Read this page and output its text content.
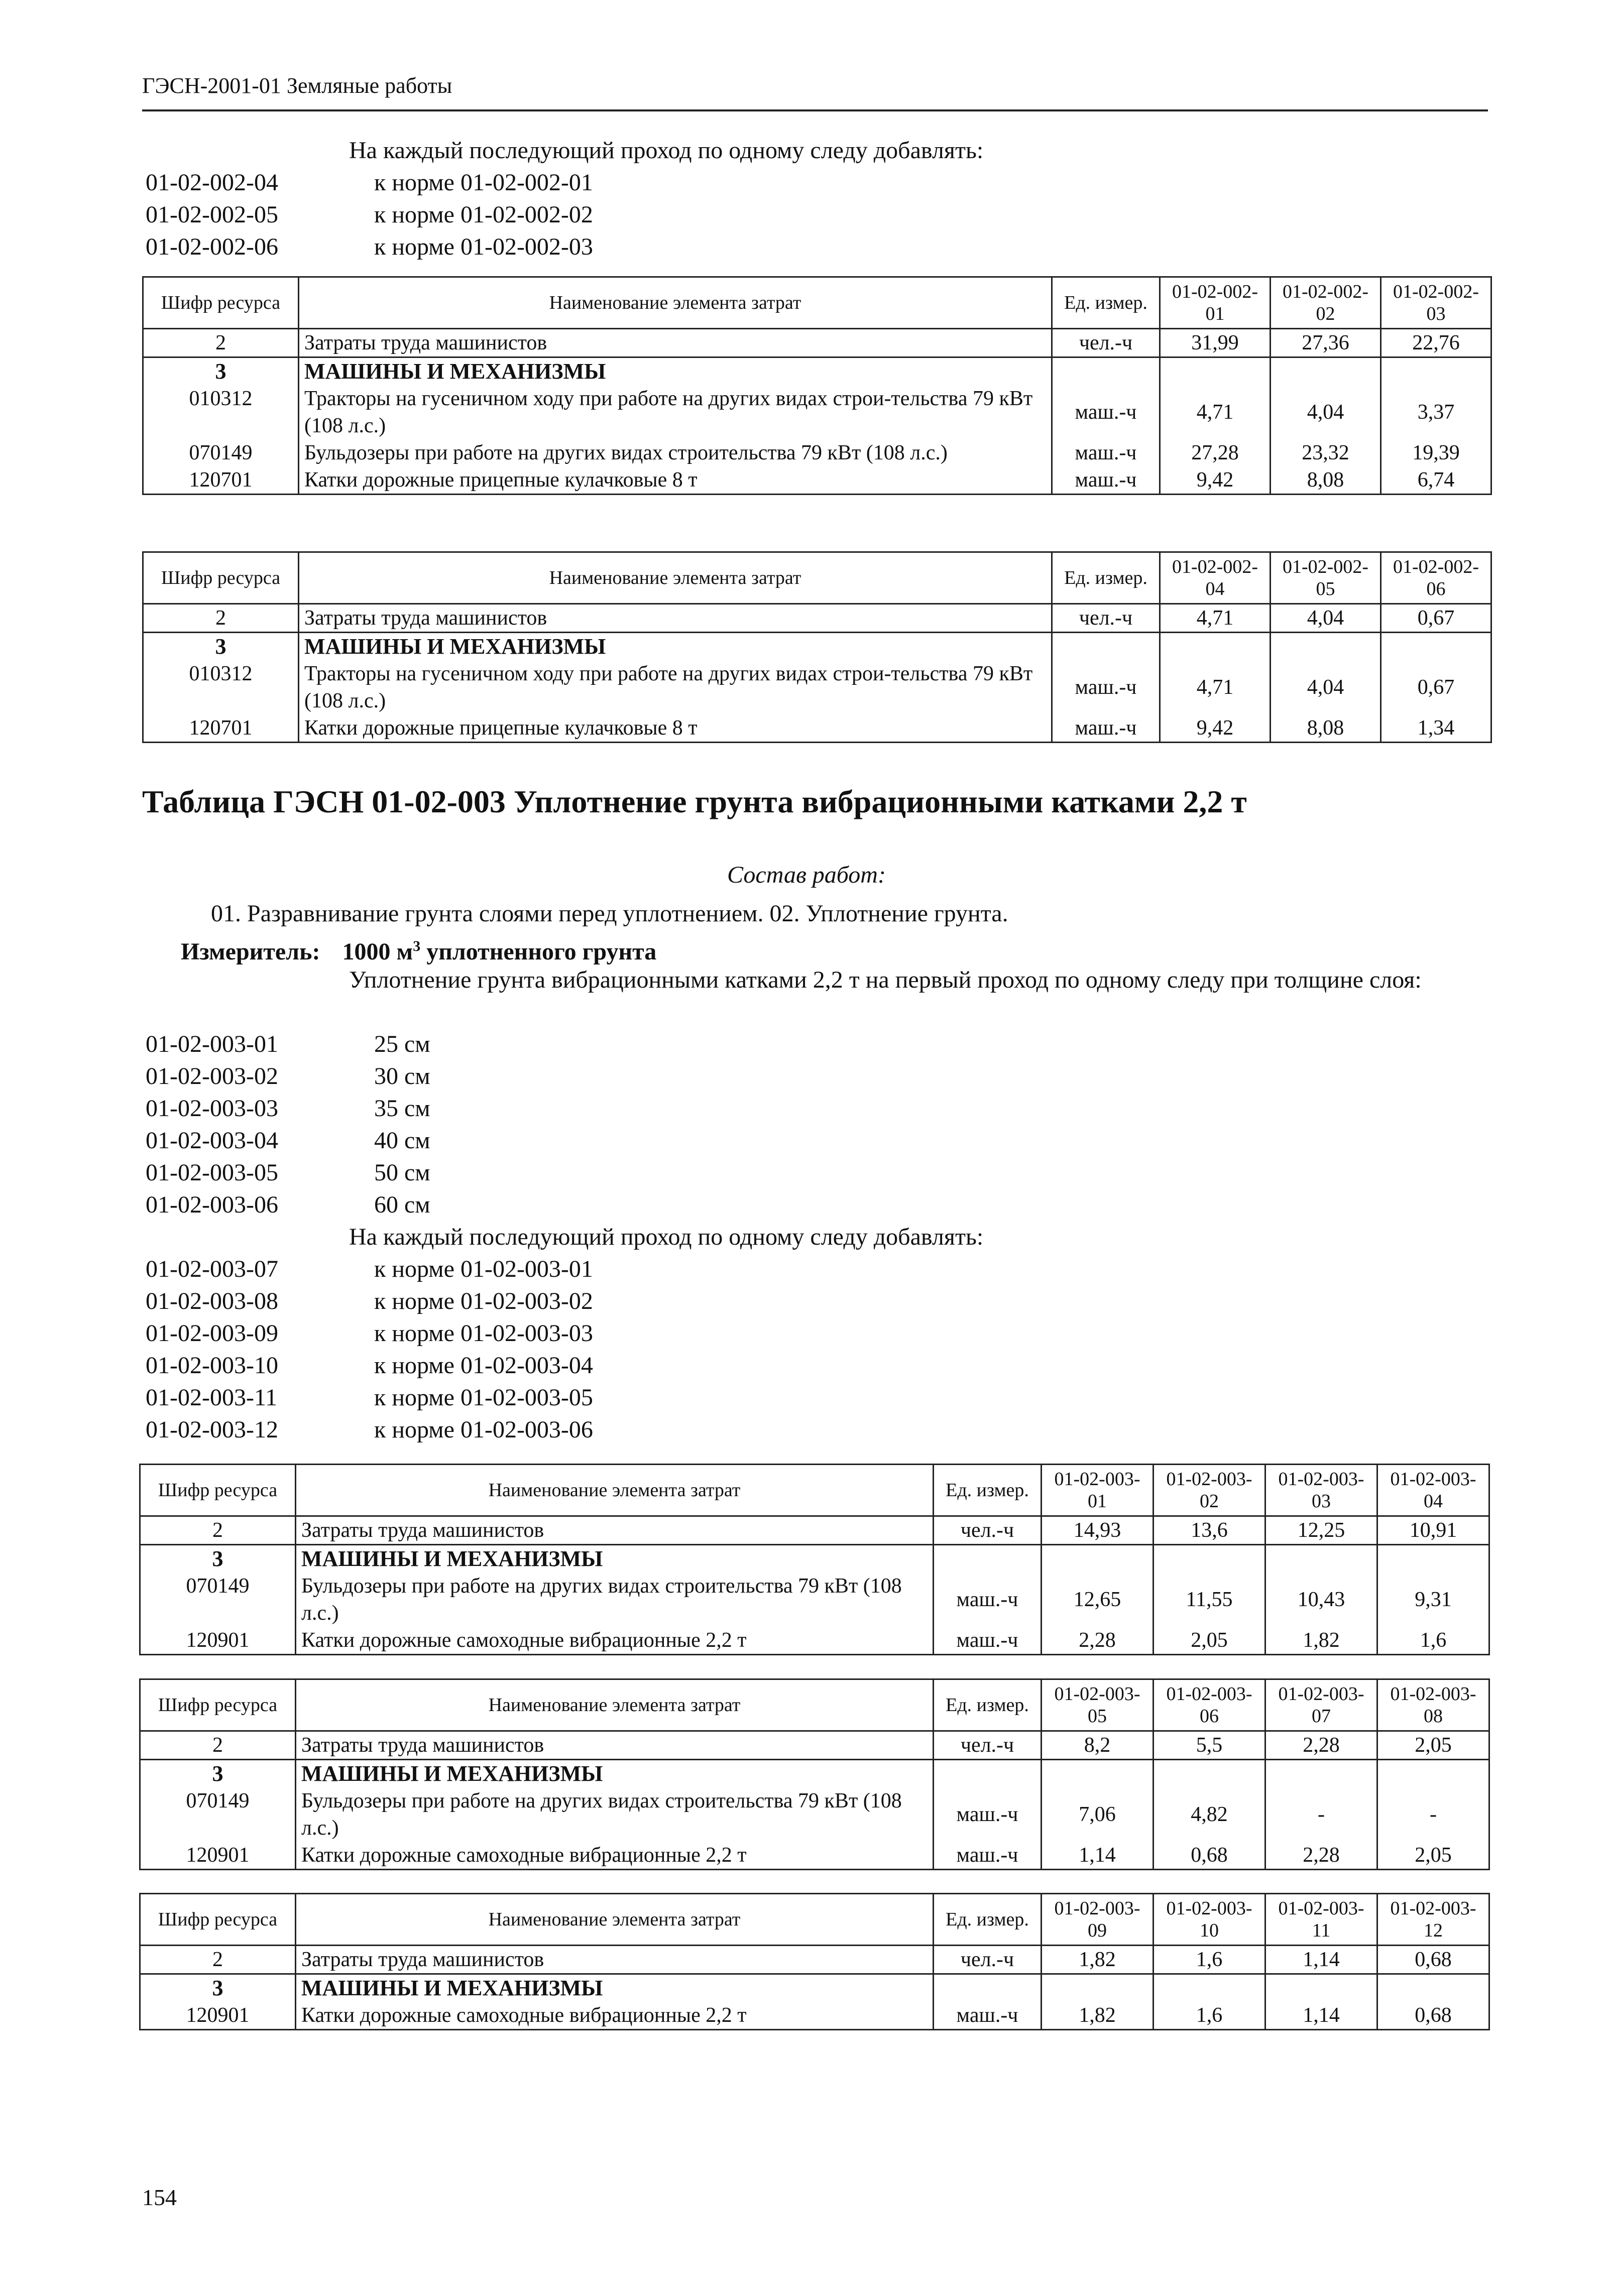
ГЭСН-2001-01 Земляные работы
На каждый последующий проход по одному следу добавлять:
01-02-002-04	к норме 01-02-002-01
01-02-002-05	к норме 01-02-002-02
01-02-002-06	к норме 01-02-002-03
Шифр ресурса	Наименование элемента затрат	Ед. измер.	01-02-002-01	01-02-002-02	01-02-002-03
2	Затраты труда машинистов	чел.-ч	31,99	27,36	22,76
3	МАШИНЫ И МЕХАНИЗМЫ				
010312	Тракторы на гусеничном ходу при работе на других видах строи-тельства 79 кВт (108 л.с.)	маш.-ч	4,71	4,04	3,37
070149	Бульдозеры при работе на других видах строительства 79 кВт (108 л.с.)	маш.-ч	27,28	23,32	19,39
120701	Катки дорожные прицепные кулачковые 8 т	маш.-ч	9,42	8,08	6,74
Шифр ресурса	Наименование элемента затрат	Ед. измер.	01-02-002-04	01-02-002-05	01-02-002-06
2	Затраты труда машинистов	чел.-ч	4,71	4,04	0,67
3	МАШИНЫ И МЕХАНИЗМЫ				
010312	Тракторы на гусеничном ходу при работе на других видах строи-тельства 79 кВт (108 л.с.)	маш.-ч	4,71	4,04	0,67
120701	Катки дорожные прицепные кулачковые 8 т	маш.-ч	9,42	8,08	1,34
Таблица ГЭСН 01-02-003 Уплотнение грунта вибрационными катками 2,2 т
Состав работ:
01. Разравнивание грунта слоями перед уплотнением. 02. Уплотнение грунта.
Измеритель: 1000 $м^3$ уплотненного грунта
Уплотнение грунта вибрационными катками 2,2 т на первый проход по одному следу при толщине слоя:
01-02-003-01	25 см
01-02-003-02	30 см
01-02-003-03	35 см
01-02-003-04	40 см
01-02-003-05	50 см
01-02-003-06	60 см
На каждый последующий проход по одному следу добавлять:
01-02-003-07	к норме 01-02-003-01
01-02-003-08	к норме 01-02-003-02
01-02-003-09	к норме 01-02-003-03
01-02-003-10	к норме 01-02-003-04
01-02-003-11	к норме 01-02-003-05
01-02-003-12	к норме 01-02-003-06
Шифр ресурса	Наименование элемента затрат	Ед. измер.	01-02-003-01	01-02-003-02	01-02-003-03	01-02-003-04
2	Затраты труда машинистов	чел.-ч	14,93	13,6	12,25	10,91
3	МАШИНЫ И МЕХАНИЗМЫ					
070149	Бульдозеры при работе на других видах строительства 79 кВт (108 л.с.)	маш.-ч	12,65	11,55	10,43	9,31
120901	Катки дорожные самоходные вибрационные 2,2 т	маш.-ч	2,28	2,05	1,82	1,6
Шифр ресурса	Наименование элемента затрат	Ед. измер.	01-02-003-05	01-02-003-06	01-02-003-07	01-02-003-08
2	Затраты труда машинистов	чел.-ч	8,2	5,5	2,28	2,05
3	МАШИНЫ И МЕХАНИЗМЫ					
070149	Бульдозеры при работе на других видах строительства 79 кВт (108 л.с.)	маш.-ч	7,06	4,82	-	-
120901	Катки дорожные самоходные вибрационные 2,2 т	маш.-ч	1,14	0,68	2,28	2,05
Шифр ресурса	Наименование элемента затрат	Ед. измер.	01-02-003-09	01-02-003-10	01-02-003-11	01-02-003-12
2	Затраты труда машинистов	чел.-ч	1,82	1,6	1,14	0,68
3	МАШИНЫ И МЕХАНИЗМЫ					
120901	Катки дорожные самоходные вибрационные 2,2 т	маш.-ч	1,82	1,6	1,14	0,68
154
